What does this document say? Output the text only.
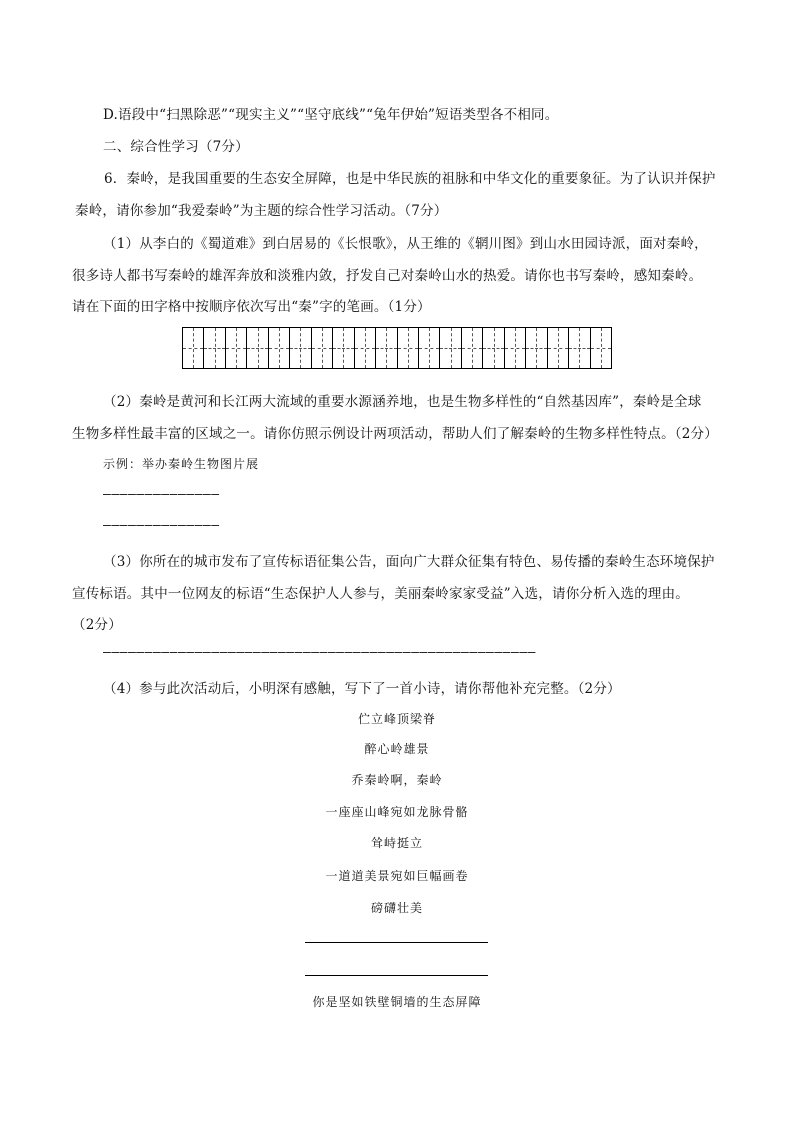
D.语段中“扫黑除恶”“现实主义”“坚守底线”“兔年伊始”短语类型各不相同。
二、综合性学习（7分）
6．秦岭，是我国重要的生态安全屏障，也是中华民族的祖脉和中华文化的重要象征。为了认识并保护
秦岭，请你参加“我爱秦岭”为主题的综合性学习活动。（7分）
（1）从李白的《蜀道难》到白居易的《长恨歌》，从王维的《辋川图》到山水田园诗派，面对秦岭，
很多诗人都书写秦岭的雄浑奔放和淡雅内敛，抒发自己对秦岭山水的热爱。请你也书写秦岭，感知秦岭。
请在下面的田字格中按顺序依次写出“秦”字的笔画。（1分）
（2）秦岭是黄河和长江两大流域的重要水源涵养地，也是生物多样性的“自然基因库”，秦岭是全球
生物多样性最丰富的区域之一。请你仿照示例设计两项活动，帮助人们了解秦岭的生物多样性特点。（2分）
示例：举办秦岭生物图片展
——————————————
——————————————
（3）你所在的城市发布了宣传标语征集公告，面向广大群众征集有特色、易传播的秦岭生态环境保护
宣传标语。其中一位网友的标语“生态保护人人参与，美丽秦岭家家受益”入选，请你分析入选的理由。
（2分）
————————————————————————————————————————————————————
（4）参与此次活动后，小明深有感触，写下了一首小诗，请你帮他补充完整。（2分）
伫立峰顶梁脊
醉心岭雄景
乔秦岭啊，秦岭
一座座山峰宛如龙脉骨骼
耸峙挺立
一道道美景宛如巨幅画卷
磅礴壮美
你是坚如铁壁铜墙的生态屏障
